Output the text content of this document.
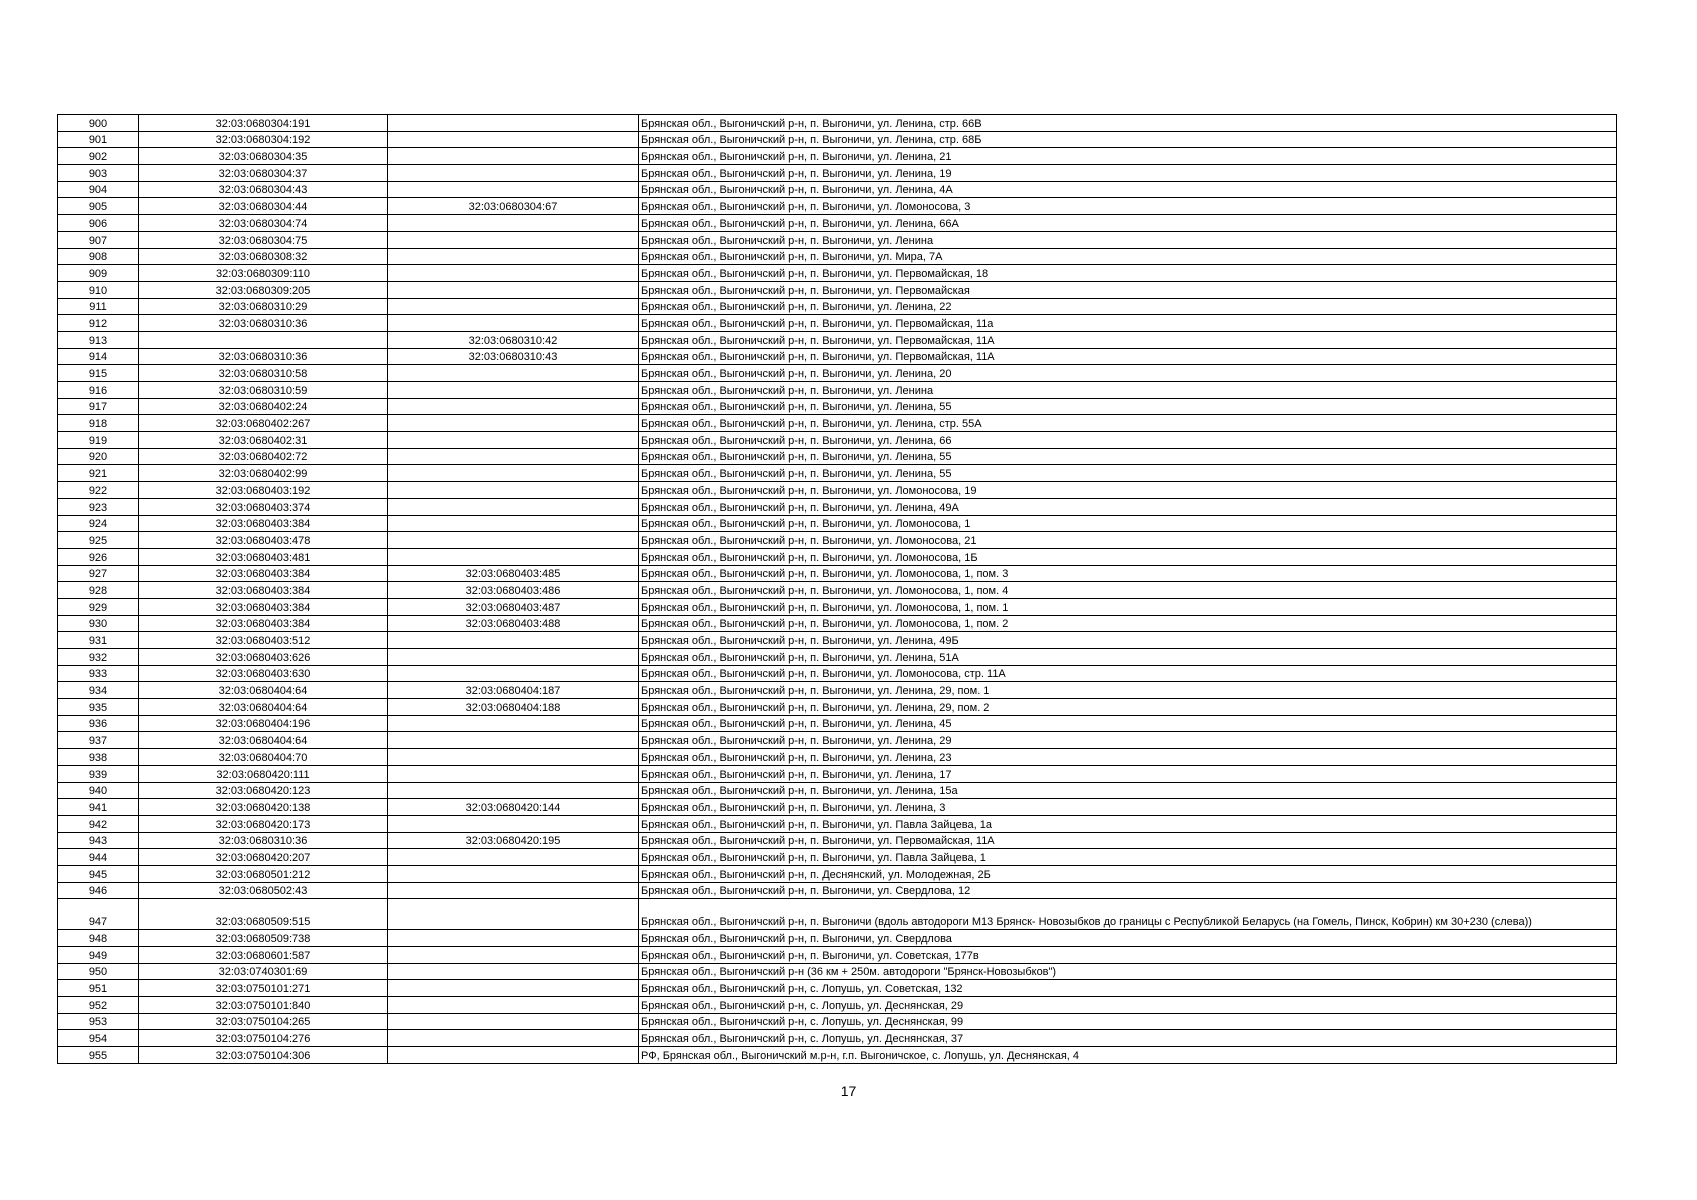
900	32:03:0680304:191		Брянская обл., Выгоничский р-н, п. Выгоничи, ул. Ленина, стр. 66В
901	32:03:0680304:192		Брянская обл., Выгоничский р-н, п. Выгоничи, ул. Ленина, стр. 68Б
902	32:03:0680304:35		Брянская обл., Выгоничский р-н, п. Выгоничи, ул. Ленина, 21
903	32:03:0680304:37		Брянская обл., Выгоничский р-н, п. Выгоничи, ул. Ленина, 19
904	32:03:0680304:43		Брянская обл., Выгоничский р-н, п. Выгоничи, ул. Ленина, 4А
905	32:03:0680304:44	32:03:0680304:67	Брянская обл., Выгоничский р-н, п. Выгоничи, ул. Ломоносова, 3
906	32:03:0680304:74		Брянская обл., Выгоничский р-н, п. Выгоничи, ул. Ленина, 66А
907	32:03:0680304:75		Брянская обл., Выгоничский р-н, п. Выгоничи, ул. Ленина
908	32:03:0680308:32		Брянская обл., Выгоничский р-н, п. Выгоничи, ул. Мира, 7А
909	32:03:0680309:110		Брянская обл., Выгоничский р-н, п. Выгоничи, ул. Первомайская, 18
910	32:03:0680309:205		Брянская обл., Выгоничский р-н, п. Выгоничи, ул. Первомайская
911	32:03:0680310:29		Брянская обл., Выгоничский р-н, п. Выгоничи, ул. Ленина, 22
912	32:03:0680310:36		Брянская обл., Выгоничский р-н, п. Выгоничи, ул. Первомайская, 11а
913		32:03:0680310:42	Брянская обл., Выгоничский р-н, п. Выгоничи, ул. Первомайская, 11А
914	32:03:0680310:36	32:03:0680310:43	Брянская обл., Выгоничский р-н, п. Выгоничи, ул. Первомайская, 11А
915	32:03:0680310:58		Брянская обл., Выгоничский р-н, п. Выгоничи, ул. Ленина, 20
916	32:03:0680310:59		Брянская обл., Выгоничский р-н, п. Выгоничи, ул. Ленина
917	32:03:0680402:24		Брянская обл., Выгоничский р-н, п. Выгоничи, ул. Ленина, 55
918	32:03:0680402:267		Брянская обл., Выгоничский р-н, п. Выгоничи, ул. Ленина, стр. 55А
919	32:03:0680402:31		Брянская обл., Выгоничский р-н, п. Выгоничи, ул. Ленина, 66
920	32:03:0680402:72		Брянская обл., Выгоничский р-н, п. Выгоничи, ул. Ленина, 55
921	32:03:0680402:99		Брянская обл., Выгоничский р-н, п. Выгоничи, ул. Ленина, 55
922	32:03:0680403:192		Брянская обл., Выгоничский р-н, п. Выгоничи, ул. Ломоносова, 19
923	32:03:0680403:374		Брянская обл., Выгоничский р-н, п. Выгоничи, ул. Ленина, 49А
924	32:03:0680403:384		Брянская обл., Выгоничский р-н, п. Выгоничи, ул. Ломоносова, 1
925	32:03:0680403:478		Брянская обл., Выгоничский р-н, п. Выгоничи, ул. Ломоносова, 21
926	32:03:0680403:481		Брянская обл., Выгоничский р-н, п. Выгоничи, ул. Ломоносова, 1Б
927	32:03:0680403:384	32:03:0680403:485	Брянская обл., Выгоничский р-н, п. Выгоничи, ул. Ломоносова, 1, пом. 3
928	32:03:0680403:384	32:03:0680403:486	Брянская обл., Выгоничский р-н, п. Выгоничи, ул. Ломоносова, 1, пом. 4
929	32:03:0680403:384	32:03:0680403:487	Брянская обл., Выгоничский р-н, п. Выгоничи, ул. Ломоносова, 1, пом. 1
930	32:03:0680403:384	32:03:0680403:488	Брянская обл., Выгоничский р-н, п. Выгоничи, ул. Ломоносова, 1, пом. 2
931	32:03:0680403:512		Брянская обл., Выгоничский р-н, п. Выгоничи, ул. Ленина, 49Б
932	32:03:0680403:626		Брянская обл., Выгоничский р-н, п. Выгоничи, ул. Ленина, 51А
933	32:03:0680403:630		Брянская обл., Выгоничский р-н, п. Выгоничи, ул. Ломоносова, стр. 11А
934	32:03:0680404:64	32:03:0680404:187	Брянская обл., Выгоничский р-н, п. Выгоничи, ул. Ленина, 29, пом. 1
935	32:03:0680404:64	32:03:0680404:188	Брянская обл., Выгоничский р-н, п. Выгоничи, ул. Ленина, 29, пом. 2
936	32:03:0680404:196		Брянская обл., Выгоничский р-н, п. Выгоничи, ул. Ленина, 45
937	32:03:0680404:64		Брянская обл., Выгоничский р-н, п. Выгоничи, ул. Ленина, 29
938	32:03:0680404:70		Брянская обл., Выгоничский р-н, п. Выгоничи, ул. Ленина, 23
939	32:03:0680420:111		Брянская обл., Выгоничский р-н, п. Выгоничи, ул. Ленина, 17
940	32:03:0680420:123		Брянская обл., Выгоничский р-н, п. Выгоничи, ул. Ленина, 15а
941	32:03:0680420:138	32:03:0680420:144	Брянская обл., Выгоничский р-н, п. Выгоничи, ул. Ленина, 3
942	32:03:0680420:173		Брянская обл., Выгоничский р-н, п. Выгоничи, ул. Павла Зайцева, 1а
943	32:03:0680310:36	32:03:0680420:195	Брянская обл., Выгоничский р-н, п. Выгоничи, ул. Первомайская, 11А
944	32:03:0680420:207		Брянская обл., Выгоничский р-н, п. Выгоничи, ул. Павла Зайцева, 1
945	32:03:0680501:212		Брянская обл., Выгоничский р-н, п. Деснянский, ул. Молодежная, 2Б
946	32:03:0680502:43		Брянская обл., Выгоничский р-н, п. Выгоничи, ул. Свердлова, 12
947	32:03:0680509:515		Брянская обл., Выгоничский р-н, п. Выгоничи (вдоль автодороги М13 Брянск- Новозыбков до границы с Республикой Беларусь (на Гомель, Пинск, Кобрин) км 30+230 (слева))
948	32:03:0680509:738		Брянская обл., Выгоничский р-н, п. Выгоничи, ул. Свердлова
949	32:03:0680601:587		Брянская обл., Выгоничский р-н, п. Выгоничи, ул. Советская, 177в
950	32:03:0740301:69		Брянская обл., Выгоничский р-н (36 км + 250м. автодороги "Брянск-Новозыбков")
951	32:03:0750101:271		Брянская обл., Выгоничский р-н, с. Лопушь, ул. Советская, 132
952	32:03:0750101:840		Брянская обл., Выгоничский р-н, с. Лопушь, ул. Деснянская, 29
953	32:03:0750104:265		Брянская обл., Выгоничский р-н, с. Лопушь, ул. Деснянская, 99
954	32:03:0750104:276		Брянская обл., Выгоничский р-н, с. Лопушь, ул. Деснянская, 37
955	32:03:0750104:306		РФ, Брянская обл., Выгоничский м.р-н, г.п. Выгоничское, с. Лопушь, ул. Деснянская, 4
17
